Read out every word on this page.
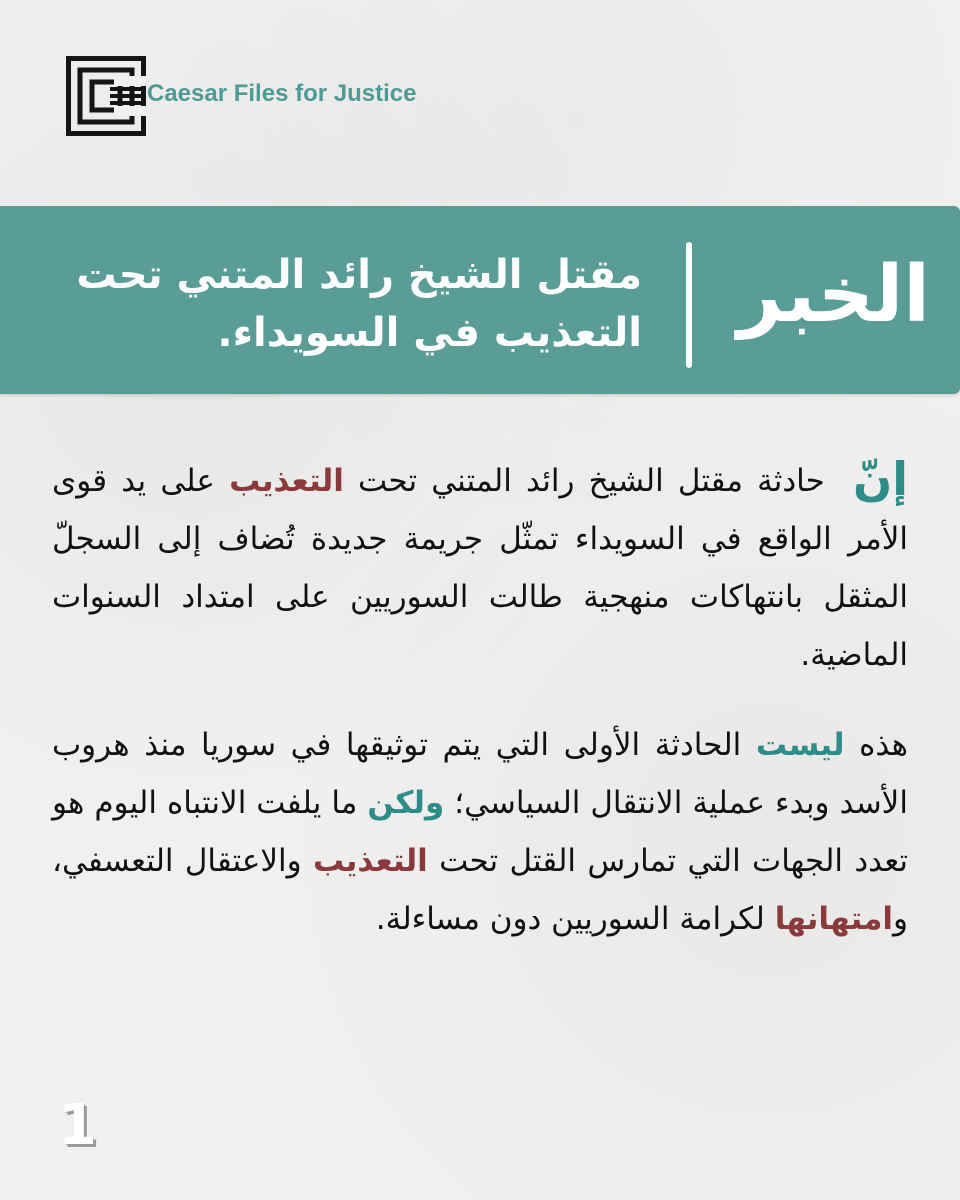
Caesar Files for Justice
مقتل الشيخ رائد المتني تحت التعذيب في السويداء. الخبر

إنّ حادثة مقتل الشيخ رائد المتني تحت التعذيب على يد قوى الأمر الواقع في السويداء تمثّل جريمة جديدة تُضاف إلى السجلّ المثقل بانتهاكات منهجية طالت السوريين على امتداد السنوات الماضية.

هذه ليست الحادثة الأولى التي يتم توثيقها في سوريا منذ هروب الأسد وبدء عملية الانتقال السياسي؛ ولكن ما يلفت الانتباه اليوم هو تعدد الجهات التي تمارس القتل تحت التعذيب والاعتقال التعسفي، وامتهانها لكرامة السوريين دون مساءلة.

1
